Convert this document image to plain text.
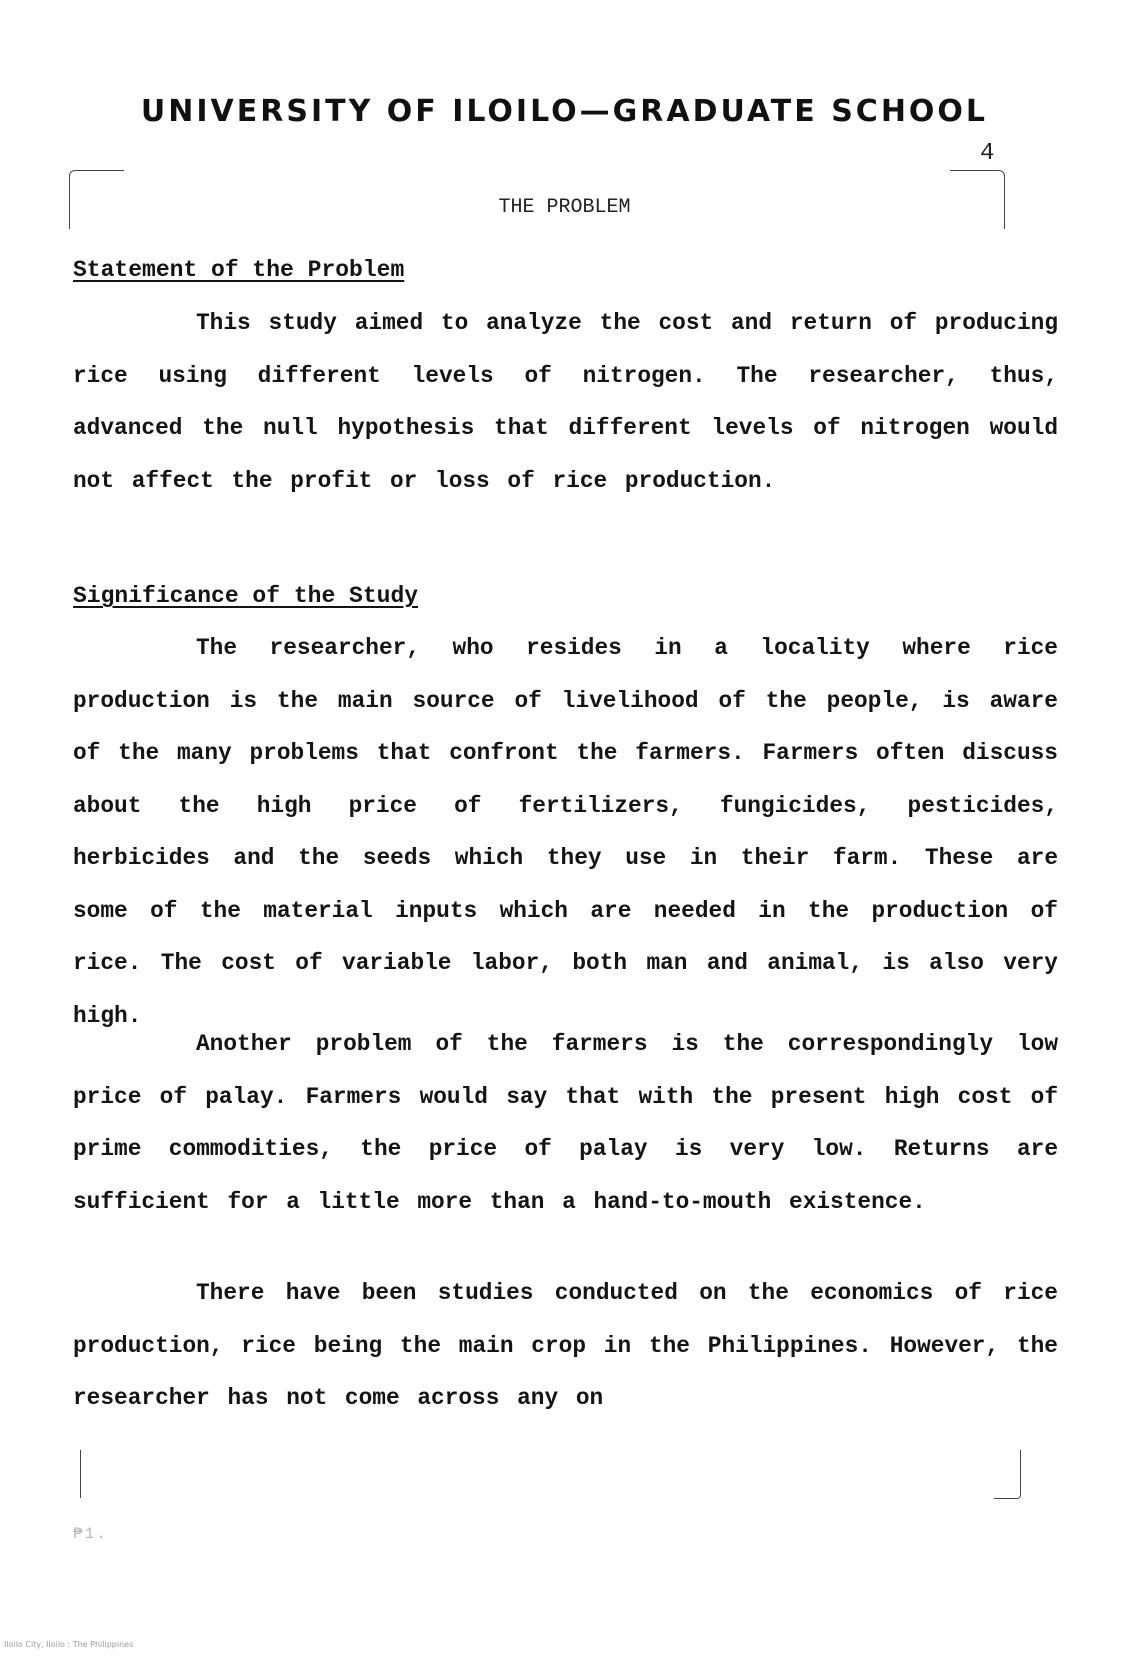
UNIVERSITY OF ILOILO—GRADUATE SCHOOL
4
THE PROBLEM
Statement of the Problem

This study aimed to analyze the cost and return of producing rice using different levels of nitrogen. The researcher, thus, advanced the null hypothesis that different levels of nitrogen would not affect the profit or loss of rice production.

Significance of the Study

The researcher, who resides in a locality where rice production is the main source of livelihood of the people, is aware of the many problems that confront the farmers. Farmers often discuss about the high price of fertilizers, fungicides, pesticides, herbicides and the seeds which they use in their farm. These are some of the material inputs which are needed in the production of rice. The cost of variable labor, both man and animal, is also very high.

Another problem of the farmers is the correspondingly low price of palay. Farmers would say that with the present high cost of prime commodities, the price of palay is very low. Returns are sufficient for a little more than a hand-to-mouth existence.

There have been studies conducted on the economics of rice production, rice being the main crop in the Philippines. However, the researcher has not come across any on

₱1.
Iloilo City, Iloilo : The Philippines
